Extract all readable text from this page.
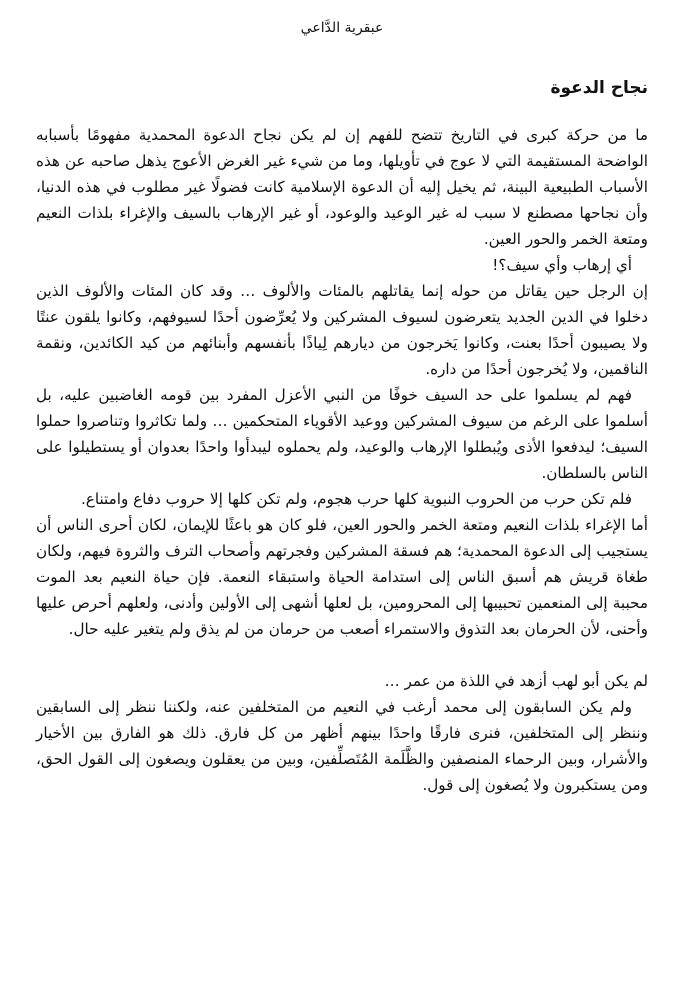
عبقرية الدَّاعي
نجاح الدعوة

ما من حركة كبرى في التاريخ تتضح للفهم إن لم يكن نجاح الدعوة المحمدية مفهومًا بأسبابه الواضحة المستقيمة التي لا عوج في تأويلها، وما من شيء غير الغرض الأعوج يذهل صاحبه عن هذه الأسباب الطبيعية البينة، ثم يخيل إليه أن الدعوة الإسلامية كانت فضولًا غير مطلوب في هذه الدنيا، وأن نجاحها مصطنع لا سبب له غير الوعيد والوعود، أو غير الإرهاب بالسيف والإغراء بلذات النعيم ومتعة الخمر والحور العين.

أي إرهاب وأي سيف؟!

إن الرجل حين يقاتل من حوله إنما يقاتلهم بالمئات والألوف … وقد كان المئات والألوف الذين دخلوا في الدين الجديد يتعرضون لسيوف المشركين ولا يُعرِّضون أحدًا لسيوفهم، وكانوا يلقون عنتًا ولا يصيبون أحدًا بعنت، وكانوا يَخرجون من ديارهم لِياذًا بأنفسهم وأبنائهم من كيد الكائدين، ونقمة الناقمين، ولا يُخرجون أحدًا من داره.

فهم لم يسلموا على حد السيف خوفًا من النبي الأعزل المفرد بين قومه الغاضبين عليه، بل أسلموا على الرغم من سيوف المشركين ووعيد الأقوياء المتحكمين … ولما تكاثروا وتناصروا حملوا السيف؛ ليدفعوا الأذى ويُبطلوا الإرهاب والوعيد، ولم يحملوه ليبدأوا واحدًا بعدوان أو يستطيلوا على الناس بالسلطان.

فلم تكن حرب من الحروب النبوية كلها حرب هجوم، ولم تكن كلها إلا حروب دفاع وامتناع.

أما الإغراء بلذات النعيم ومتعة الخمر والحور العين، فلو كان هو باعثًا للإيمان، لكان أحرى الناس أن يستجيب إلى الدعوة المحمدية؛ هم فسقة المشركين وفجرتهم وأصحاب الترف والثروة فيهم، ولكان طغاة قريش هم أسبق الناس إلى استدامة الحياة واستبقاء النعمة. فإن حياة النعيم بعد الموت محببة إلى المنعمين تحبيبها إلى المحرومين، بل لعلها أشهى إلى الأولين وأدنى، ولعلهم أحرص عليها وأحنى، لأن الحرمان بعد التذوق والاستمراء أصعب من حرمان من لم يذق ولم يتغير عليه حال.

لم يكن أبو لهب أزهد في اللذة من عمر …

ولم يكن السابقون إلى محمد أرغب في النعيم من المتخلفين عنه، ولكننا ننظر إلى السابقين وننظر إلى المتخلفين، فنرى فارقًا واحدًا بينهم أظهر من كل فارق. ذلك هو الفارق بين الأخيار والأشرار، وبين الرحماء المنصفين والظَّلَمة المُتَصلِّفين، وبين من يعقلون ويصغون إلى القول الحق، ومن يستكبرون ولا يُصغون إلى قول.
